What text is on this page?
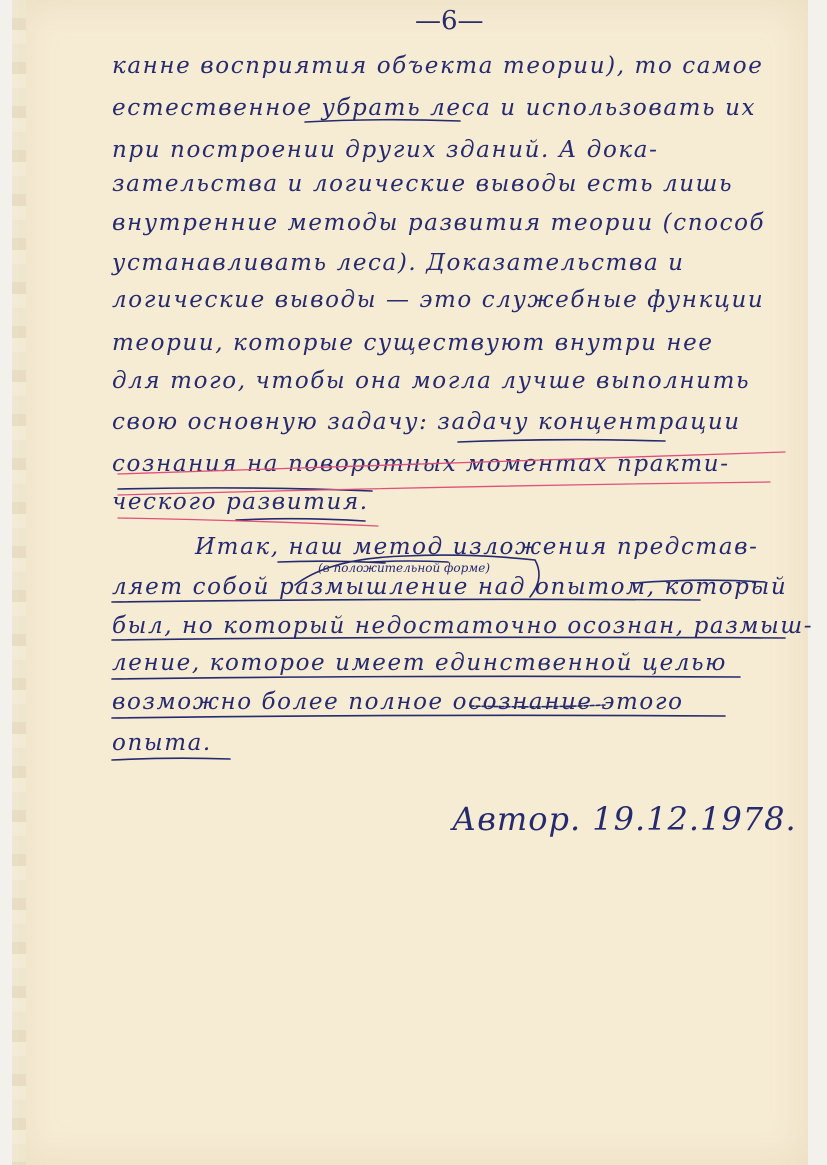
—6—
канне восприятия объекта теории), то самое
естественное убрать леса и использовать их
при построении других зданий. А дока-
зательства и логические выводы есть лишь
внутренние методы развития теории (способ
устанавливать леса). Доказательства и
логические выводы — это служебные функции
теории, которые существуют внутри нее
для того, чтобы она могла лучше выполнить
свою основную задачу: задачу концентрации
сознания на поворотных моментах практи-
ческого развития.
Итак, наш метод изложения представ-
(в положительной форме)
ляет собой размышление над опытом, который
был, но который недостаточно осознан, размыш-
ление, которое имеет единственной целью
возможно более полное осознание этого
опыта.
Автор. 19.12.1978.
